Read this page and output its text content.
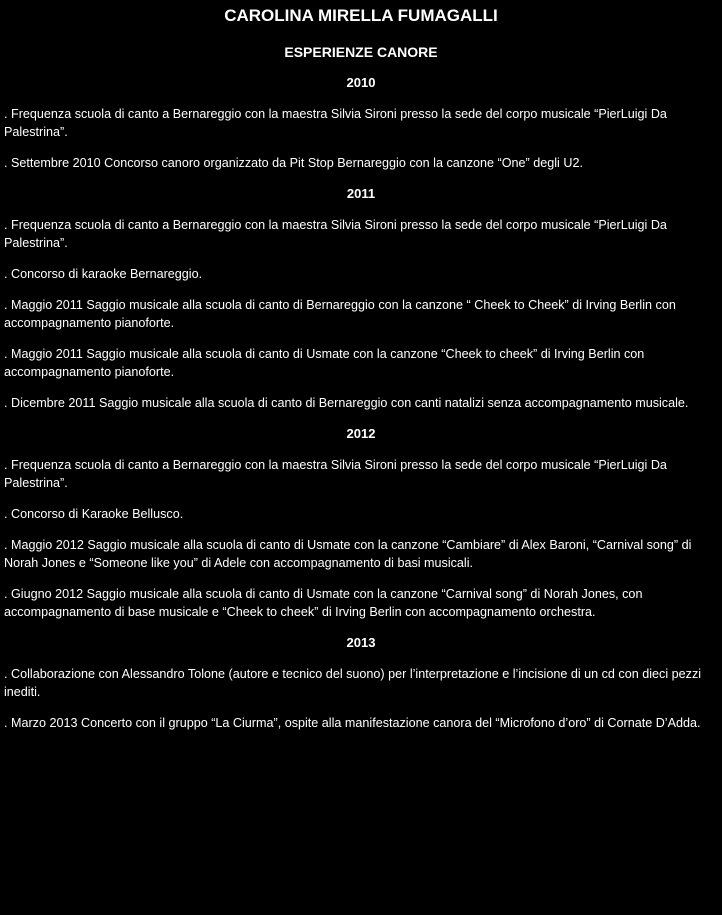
CAROLINA MIRELLA FUMAGALLI
ESPERIENZE CANORE
2010
. Frequenza scuola di canto a Bernareggio con la maestra Silvia Sironi presso la sede del corpo musicale “PierLuigi Da Palestrina”.
. Settembre 2010 Concorso canoro organizzato da Pit Stop Bernareggio con la canzone “One” degli U2.
2011
. Frequenza scuola di canto a Bernareggio con la maestra Silvia Sironi presso la sede del corpo musicale “PierLuigi Da Palestrina”.
. Concorso di karaoke Bernareggio.
. Maggio 2011 Saggio musicale alla scuola di canto di Bernareggio con la canzone “ Cheek to Cheek” di Irving Berlin con accompagnamento pianoforte.
. Maggio 2011 Saggio musicale alla scuola di canto di Usmate con la canzone “Cheek to cheek” di Irving Berlin con accompagnamento pianoforte.
. Dicembre 2011 Saggio musicale alla scuola di canto di Bernareggio con canti natalizi senza accompagnamento musicale.
2012
. Frequenza scuola di canto a Bernareggio con la maestra Silvia Sironi presso la sede del corpo musicale “PierLuigi Da Palestrina”.
. Concorso di Karaoke Bellusco.
. Maggio 2012 Saggio musicale alla scuola di canto di Usmate con la canzone “Cambiare” di Alex Baroni, “Carnival song” di Norah Jones e “Someone like you” di Adele con accompagnamento di basi musicali.
. Giugno 2012 Saggio musicale alla scuola di canto di Usmate con la canzone “Carnival song” di Norah Jones, con accompagnamento di base musicale e “Cheek to cheek” di Irving Berlin con accompagnamento orchestra.
2013
. Collaborazione con Alessandro Tolone (autore e tecnico del suono) per l’interpretazione e l’incisione di un cd con dieci pezzi inediti.
. Marzo 2013 Concerto con il gruppo “La Ciurma”, ospite alla manifestazione canora del “Microfono d’oro” di Cornate D’Adda.
